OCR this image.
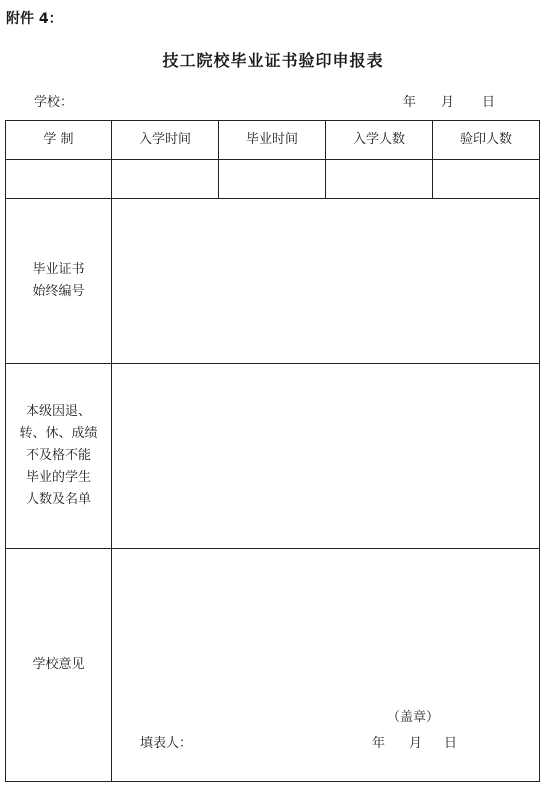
附件 4：
技工院校毕业证书验印申报表
学校：	年 月 日
学 制	入学时间	毕业时间	入学人数	验印人数

毕业证书
始终编号				

本级因退、
转、休、成绩
不及格不能
毕业的学生
人数及名单				

学校意见	（盖章）
填表人： 年 月 日			
